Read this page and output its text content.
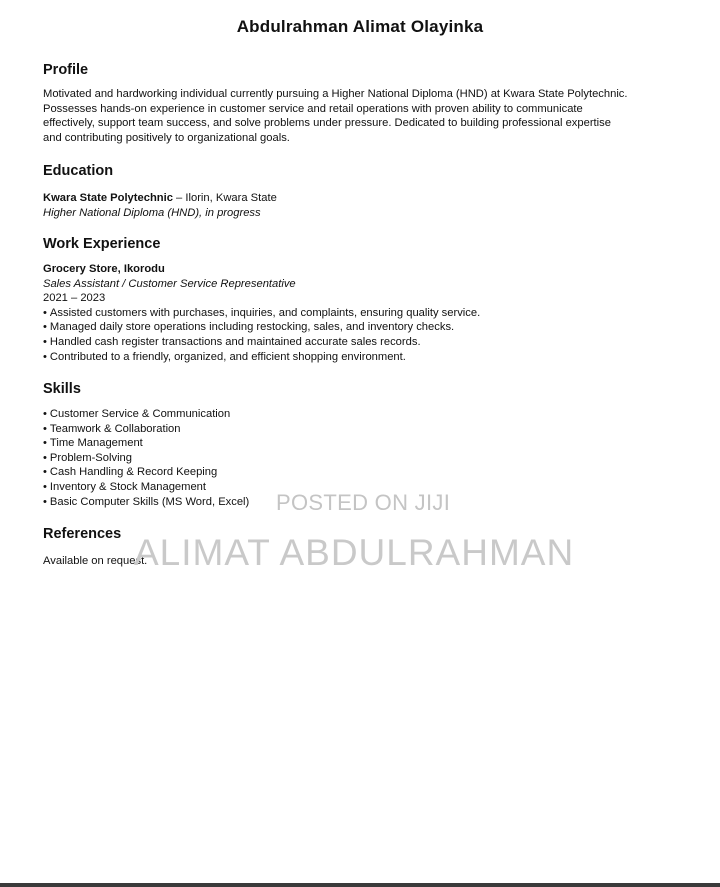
Abdulrahman Alimat Olayinka

Profile

Motivated and hardworking individual currently pursuing a Higher National Diploma (HND) at Kwara State Polytechnic.

Possesses hands-on experience in customer service and retail operations with proven ability to communicate

effectively, support team success, and solve problems under pressure. Dedicated to building professional expertise

and contributing positively to organizational goals.

Education

Kwara State Polytechnic – Ilorin, Kwara State

Higher National Diploma (HND), in progress

Work Experience

Grocery Store, Ikorodu

Sales Assistant / Customer Service Representative

2021 – 2023

• Assisted customers with purchases, inquiries, and complaints, ensuring quality service.

• Managed daily store operations including restocking, sales, and inventory checks.

• Handled cash register transactions and maintained accurate sales records.

• Contributed to a friendly, organized, and efficient shopping environment.

Skills

• Customer Service & Communication

• Teamwork & Collaboration

• Time Management

• Problem-Solving

• Cash Handling & Record Keeping

• Inventory & Stock Management

• Basic Computer Skills (MS Word, Excel)

References

Available on request.

POSTED ON JIJI
ALIMAT ABDULRAHMAN
